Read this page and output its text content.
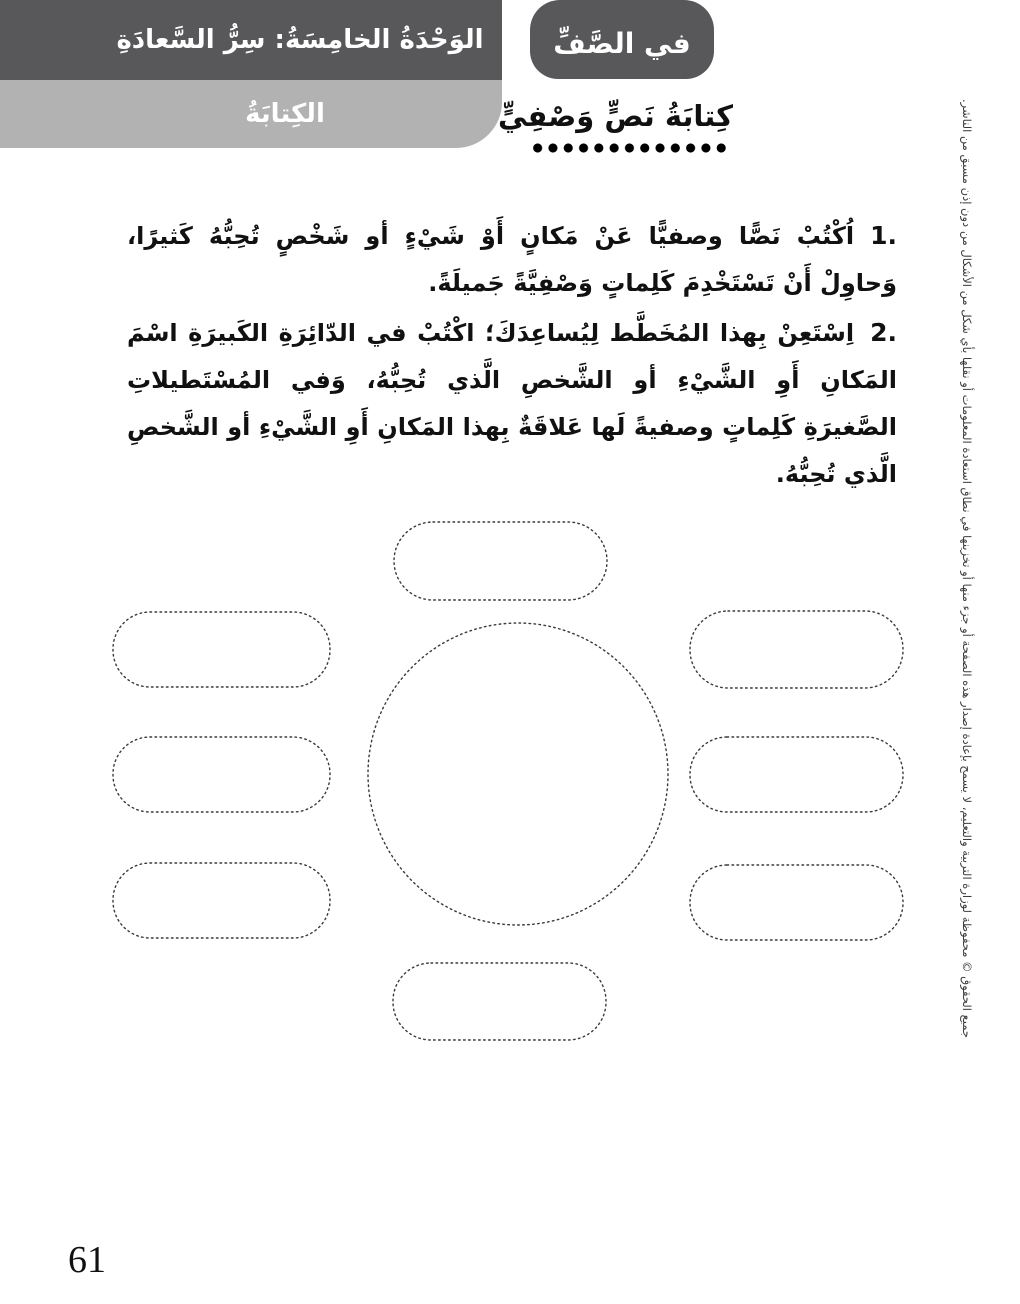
الوَحْدَةُ الخامِسَةُ: سِرُّ السَّعادَةِ
الكِتابَةُ
في الصَّفِّ
كِتابَةُ نَصٍّ وَصْفِيٍّ

1.اُكْتُبْ نَصًّا وصفيًّا عَنْ مَكانٍ أَوْ شَيْءٍ أو شَخْصٍ تُحِبُّهُ كَثيرًا، وَحاوِلْ أَنْ تَسْتَخْدِمَ كَلِماتٍ وَصْفِيَّةً جَميلَةً.

2.اِسْتَعِنْ بِهذا المُخَطَّط لِيُساعِدَكَ؛ اكْتُبْ في الدّائِرَةِ الكَبيرَةِ اسْمَ المَكانِ أَوِ الشَّيْءِ أو الشَّخصِ الَّذي تُحِبُّهُ، وَفي المُسْتَطيلاتِ الصَّغيرَةِ كَلِماتٍ وصفيةً لَها عَلاقَةٌ بِهذا المَكانِ أَوِ الشَّيْءِ أو الشَّخصِ الَّذي تُحِبُّهُ.	جميع الحقوق © محفوظة لوزارة التربية والتعليم، لا يسمح بإعادة إصدار هذه الصفحة أو جزء منها أو تخزينها في نطاق استعادة المعلومات أو نقلها بأي شكل من الأشكال من دون إذن مسبق من الناشر.
61
